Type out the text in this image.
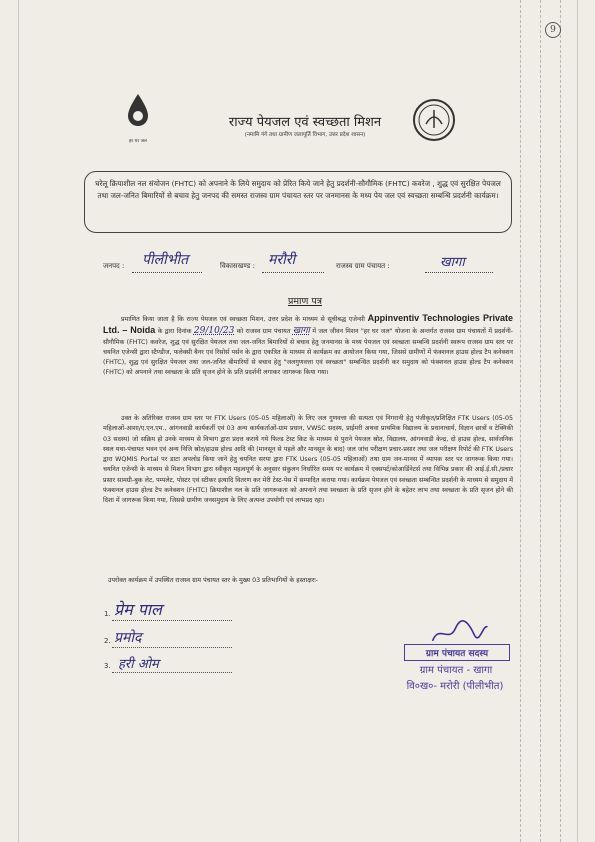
9
हर घर जल
राज्य पेयजल एवं स्वच्छता मिशन
(नमामि गंगे तथा ग्रामीण जलापूर्ति विभाग, उत्तर प्रदेश शासन)
घरेलू क्रियाशील नल संयोजन (FHTC) को अपनाने के लिये समुदाय को प्रेरित किये जाने हेतु प्रदर्शनी-सौगौमिक (FHTC) कवरेज , शुद्ध एवं सुरक्षित पेयजल तथा जल-जनित बिमारियों से बचाव हेतु जनपद की समस्त राजस्व ग्राम पंचायत स्तर पर जनमानस के मध्य पेय जल एवं स्वच्छता सम्बन्धि प्रदर्शनी कार्यक्रम।
जनपद : पीलीभीत	विकासखण्ड : मरौरी	राजस्व ग्राम पंचायत :	खागा
प्रमाण पत्र
प्रमाणित किया जाता है कि राज्य पेयजल एवं स्वच्छता मिशन, उत्तर प्रदेश के माध्यम से सूचीबद्ध एजेन्सी Appinventiv Technologies Private Ltd. – Noida के द्वारा दिनांक 29/10/23 को राजस्व ग्राम पंचायत खागा में जल जीवन मिशन "हर घर जल" योजना के अन्तर्गत राजस्व ग्राम पंचायतों में प्रदर्शनी-सौगौमिक (FHTC) कवरेज, शुद्ध एवं सुरक्षित पेयजल तथा जल-जनित बिमारियों से बचाव हेतु जनमानस के मध्य पेयजल एवं स्वच्छता सम्बन्धि प्रदर्शनी स्वरूप राजस्व ग्राम स्तर पर चयनित एजेन्सी द्वारा स्टैण्डीज, फलेक्सी बैनर एवं रिसोर्स पर्सन के द्वारा एकत्रित के माध्यम से कार्यक्रम का आयोजन किया गया, जिससे ग्रामीणों में फंक्शनल हाउस होल्ड टैप कनेक्शन (FHTC), शुद्ध एवं सुरक्षित पेयजल तथा जल-जनित बीमारियों से बचाव हेतु "जलगुणवत्ता एवं स्वच्छता" सम्बन्धित प्रदर्शनी कर समुदाय को फंक्शनल हाउस होल्ड टैप कनेक्शन (FHTC) को अपनाने तथा स्वच्छता के प्रति सृजन होने के प्रति प्रदर्शनी लगाकर जागरूक किया गया।
उक्त के अतिरिक्त राजस्व ग्राम स्तर पर FTK Users (05-05 महिलाओं) के लिए जल गुणवत्ता की सत्यता एवं निगरानी हेतु पंजीकृत/प्रशिक्षित FTK Users (05-05 महिलाओं-आशा/ए.एन.एम., आंगनवाडी कार्यकर्ती एवं 03 अन्य कार्यकर्ताओं-ग्राम प्रधान, VWSC सदस्य, प्राईमरी अथवा प्राथमिक विद्यालय के प्रधानाचार्य, विज्ञान छात्रों व टेक्निकी 03 सदस्य) जो सक्रिय हो उनके माध्यम से विभाग द्वारा प्रदत्त कराये गये फिल्ड टेस्ट किट के माध्यम से पुराने पेयजल स्रोत, विद्यालय, आंगनवाडी केन्द्र, दो हाउस होल्ड, सार्वजनिक स्थल यथा-पंचायत भवन एवं अन्य निजि स्रोत/हाउस होल्ड आदि की (मानसून से पहले और मानसून के बाद) जल जांच परीक्षण प्रचार-प्रसार तथा जल परीक्षण रिपोर्ट की FTK Users द्वारा WQMIS Portal पर डाटा अपलोड किया जाने हेतु चयनित सरया द्वारा FTK Users (05-05 महिलाओं) तथा ग्राम जन-मानस में व्यापक स्तर पर जागरूक किया गया। चयनित एजेन्सी के माध्यम से मिशन विभाग द्वारा स्वीकृत महत्वपूर्ण के अनुसार संकुलन निर्धारित समय पर कार्यक्रम में एक्सपर्ट/कोआर्डिनेटर्स तथा विभिन्न प्रकार की आई.ई.सी./प्रचार प्रसार सामग्री-बुक लेट, पम्पलेट, पोस्टर एवं स्टीकर इत्यादि वितरण कर मेरी टेस्ट-पेस में सम्पादित कराया गया। कार्यक्रम पेयजल एवं स्वच्छता सम्बन्धित प्रदर्शनी के माध्यम से समुदाय में फंक्शनल हाउस होल्ड टैप कनेक्शन (FHTC) क्रियाशील नल के प्रति जागरूकता को अपनाने तथा स्वच्छता के प्रति सृजन होने के बहेतर लाभ तथा स्वच्छता के प्रति सृजन होने की दिशा में जागरूक किया गया, जिससे ग्रामीण जनसमुदाय के लिए अत्यन्त उपयोगी एवं लाभप्रद रहा।
उपरोक्त कार्यक्रम में उपस्थित राजस्व ग्राम पंचायत स्तर के मुख्य 03 प्रतिभागियों के हस्ताक्षरः-
1. प्रेम पाल
2. प्रमोद
3. हरी ओम
ग्राम पंचायत सदस्य
ग्राम पंचायत - खागा
वि०ख०- मरोरी (पीलीभीत)
